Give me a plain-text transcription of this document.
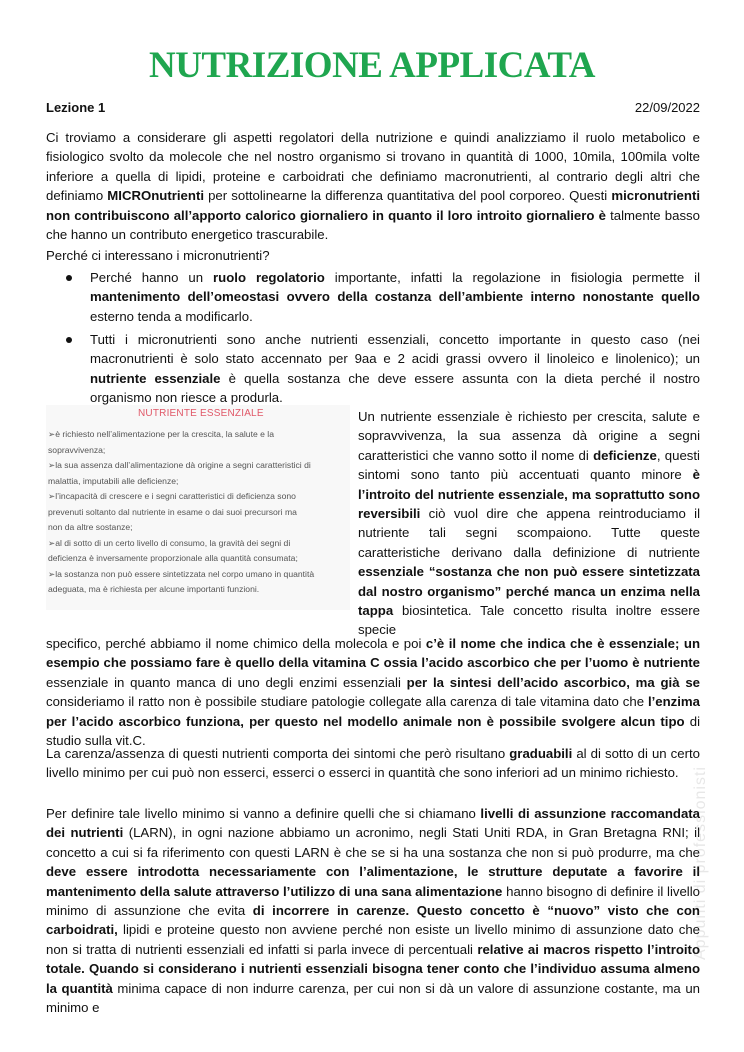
NUTRIZIONE APPLICATA
Lezione 1	22/09/2022
Ci troviamo a considerare gli aspetti regolatori della nutrizione e quindi analizziamo il ruolo metabolico e fisiologico svolto da molecole che nel nostro organismo si trovano in quantità di 1000, 10mila, 100mila volte inferiore a quella di lipidi, proteine e carboidrati che definiamo macronutrienti, al contrario degli altri che definiamo MICROnutrienti per sottolinearne la differenza quantitativa del pool corporeo. Questi micronutrienti non contribuiscono all’apporto calorico giornaliero in quanto il loro introito giornaliero è talmente basso che hanno un contributo energetico trascurabile.
Perché ci interessano i micronutrienti?
Perché hanno un ruolo regolatorio importante, infatti la regolazione in fisiologia permette il mantenimento dell’omeostasi ovvero della costanza dell’ambiente interno nonostante quello esterno tenda a modificarlo.
Tutti i micronutrienti sono anche nutrienti essenziali, concetto importante in questo caso (nei macronutrienti è solo stato accennato per 9aa e 2 acidi grassi ovvero il linoleico e linolenico); un nutriente essenziale è quella sostanza che deve essere assunta con la dieta perché il nostro organismo non riesce a produrla.
NUTRIENTE ESSENZIALE
➢è richiesto nell’alimentazione per la crescita, la salute e la
sopravvivenza;
➢la sua assenza dall’alimentazione dà origine a segni caratteristici di
malattia, imputabili alle deficienze;
➢l’incapacità di crescere e i segni caratteristici di deficienza sono
prevenuti soltanto dal nutriente in esame o dai suoi precursori ma
non da altre sostanze;
➢al di sotto di un certo livello di consumo, la gravità dei segni di
deficienza è inversamente proporzionale alla quantità consumata;
➢la sostanza non può essere sintetizzata nel corpo umano in quantità
adeguata, ma è richiesta per alcune importanti funzioni.
Un nutriente essenziale è richiesto per crescita, salute e sopravvivenza, la sua assenza dà origine a segni caratteristici che vanno sotto il nome di deficienze, questi sintomi sono tanto più accentuati quanto minore è l’introito del nutriente essenziale, ma soprattutto sono reversibili ciò vuol dire che appena reintroduciamo il nutriente tali segni scompaiono. Tutte queste caratteristiche derivano dalla definizione di nutriente essenziale “sostanza che non può essere sintetizzata dal nostro organismo” perché manca un enzima nella tappa biosintetica. Tale concetto risulta inoltre essere specie
specifico, perché abbiamo il nome chimico della molecola e poi c’è il nome che indica che è essenziale; un esempio che possiamo fare è quello della vitamina C ossia l’acido ascorbico che per l’uomo è nutriente essenziale in quanto manca di uno degli enzimi essenziali per la sintesi dell’acido ascorbico, ma già se consideriamo il ratto non è possibile studiare patologie collegate alla carenza di tale vitamina dato che l’enzima per l’acido ascorbico funziona, per questo nel modello animale non è possibile svolgere alcun tipo di studio sulla vit.C.
La carenza/assenza di questi nutrienti comporta dei sintomi che però risultano graduabili al di sotto di un certo livello minimo per cui può non esserci, esserci o esserci in quantità che sono inferiori ad un minimo richiesto.
Per definire tale livello minimo si vanno a definire quelli che si chiamano livelli di assunzione raccomandata dei nutrienti (LARN), in ogni nazione abbiamo un acronimo, negli Stati Uniti RDA, in Gran Bretagna RNI; il concetto a cui si fa riferimento con questi LARN è che se si ha una sostanza che non si può produrre, ma che deve essere introdotta necessariamente con l’alimentazione, le strutture deputate a favorire il mantenimento della salute attraverso l’utilizzo di una sana alimentazione hanno bisogno di definire il livello minimo di assunzione che evita di incorrere in carenze. Questo concetto è “nuovo” visto che con carboidrati, lipidi e proteine questo non avviene perché non esiste un livello minimo di assunzione dato che non si tratta di nutrienti essenziali ed infatti si parla invece di percentuali relative ai macros rispetto l’introito totale. Quando si considerano i nutrienti essenziali bisogna tener conto che l’individuo assuma almeno la quantità minima capace di non indurre carenza, per cui non si dà un valore di assunzione costante, ma un minimo e
Appunti di professionisti
